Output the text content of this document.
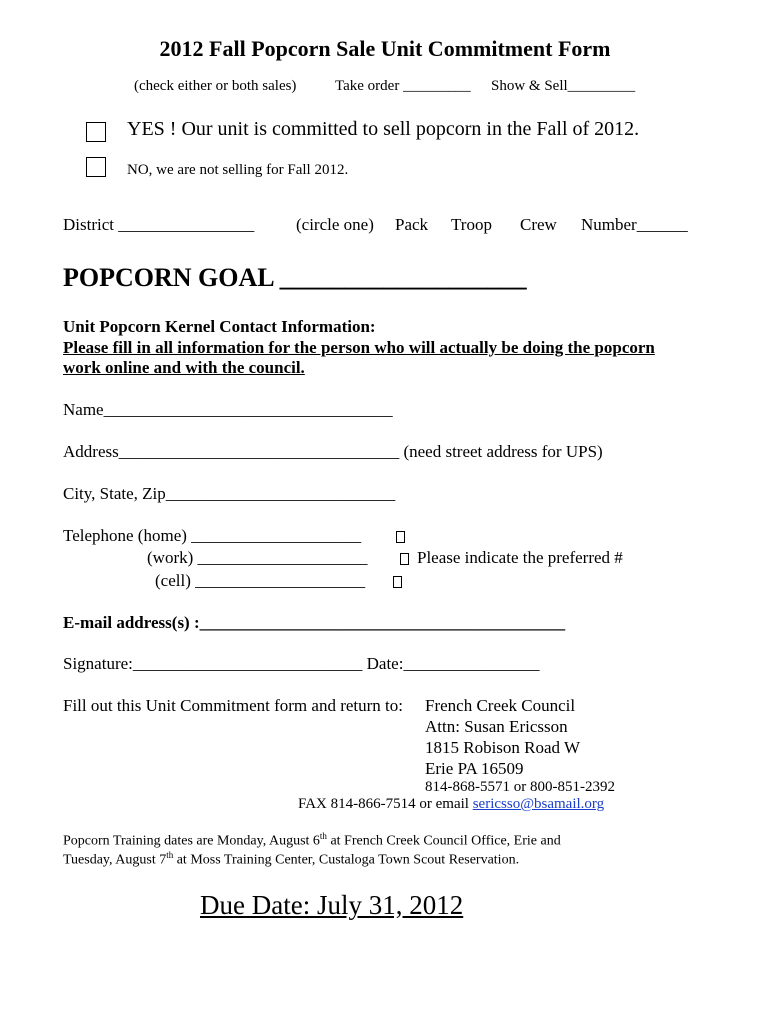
2012 Fall Popcorn Sale Unit Commitment Form
(check either or both sales)	Take order _________ Show & Sell_________
YES ! Our unit is committed to sell popcorn in the Fall of 2012.
NO, we are not selling for Fall 2012.
District ________________ (circle one) Pack Troop Crew Number______
POPCORN GOAL ___________________
Unit Popcorn Kernel Contact Information:
Please fill in all information for the person who will actually be doing the popcorn
work online and with the council.
Name__________________________________
Address_________________________________ (need street address for UPS)
City, State, Zip___________________________
Telephone (home) ____________________
(work) ____________________	Please indicate the preferred #
(cell) ____________________
E-mail address(s) :___________________________________________
Signature:___________________________ Date:________________
Fill out this Unit Commitment form and return to: French Creek Council
Attn: Susan Ericsson
1815 Robison Road W
Erie PA 16509
814-868-5571 or 800-851-2392
FAX 814-866-7514 or email sericsso@bsamail.org
Popcorn Training dates are Monday, August 6th at French Creek Council Office, Erie and
Tuesday, August 7th at Moss Training Center, Custaloga Town Scout Reservation.
Due Date: July 31, 2012
